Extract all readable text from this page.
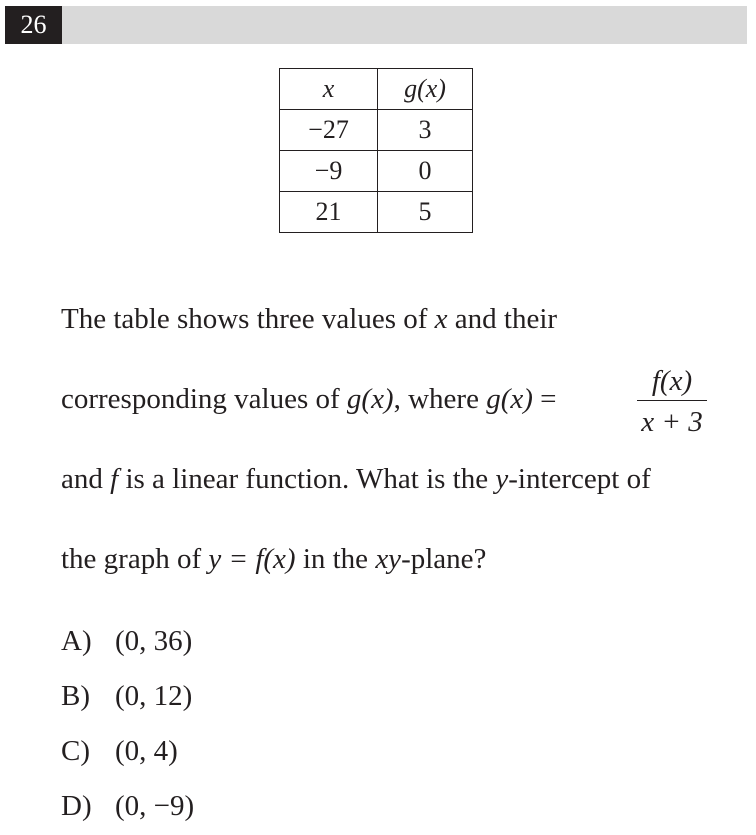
26
x	g(x)
−27	3
−9	0
21	5
The table shows three values of x and their
corresponding values of g(x), where g(x) =	$\frac{f(x)}{x + 3}$
and f is a linear function. What is the y-intercept of
the graph of y = f(x) in the xy-plane?
A) (0, 36)
B) (0, 12)
C) (0, 4)
D) (0, −9)
